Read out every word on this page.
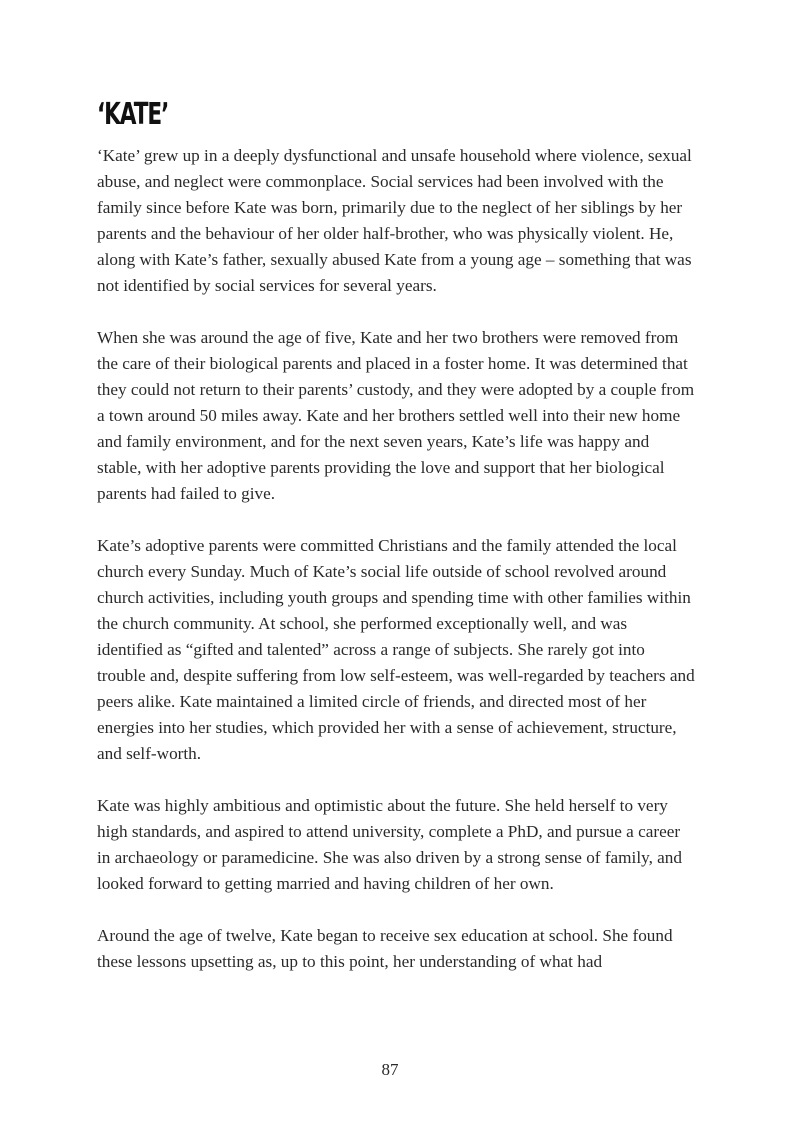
‘KATE’

‘Kate’ grew up in a deeply dysfunctional and unsafe household where violence, sexual abuse, and neglect were commonplace. Social services had been involved with the family since before Kate was born, primarily due to the neglect of her siblings by her parents and the behaviour of her older half-brother, who was physically violent. He, along with Kate’s father, sexually abused Kate from a young age – something that was not identified by social services for several years.

When she was around the age of five, Kate and her two brothers were removed from the care of their biological parents and placed in a foster home. It was determined that they could not return to their parents’ custody, and they were adopted by a couple from a town around 50 miles away. Kate and her brothers settled well into their new home and family environment, and for the next seven years, Kate’s life was happy and stable, with her adoptive parents providing the love and support that her biological parents had failed to give.

Kate’s adoptive parents were committed Christians and the family attended the local church every Sunday. Much of Kate’s social life outside of school revolved around church activities, including youth groups and spending time with other families within the church community. At school, she performed exceptionally well, and was identified as “gifted and talented” across a range of subjects. She rarely got into trouble and, despite suffering from low self-esteem, was well-regarded by teachers and peers alike. Kate maintained a limited circle of friends, and directed most of her energies into her studies, which provided her with a sense of achievement, structure, and self-worth.

Kate was highly ambitious and optimistic about the future. She held herself to very high standards, and aspired to attend university, complete a PhD, and pursue a career in archaeology or paramedicine. She was also driven by a strong sense of family, and looked forward to getting married and having children of her own.

Around the age of twelve, Kate began to receive sex education at school. She found these lessons upsetting as, up to this point, her understanding of what had

87
